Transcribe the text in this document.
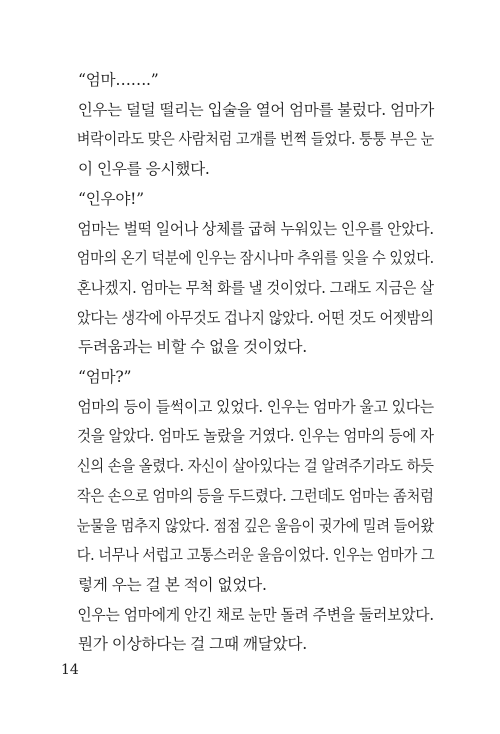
“엄마…….”

인우는 덜덜 떨리는 입술을 열어 엄마를 불렀다. 엄마가
벼락이라도 맞은 사람처럼 고개를 번쩍 들었다. 퉁퉁 부은 눈
이 인우를 응시했다.

“인우야!”

엄마는 벌떡 일어나 상체를 굽혀 누워있는 인우를 안았다.
엄마의 온기 덕분에 인우는 잠시나마 추위를 잊을 수 있었다.
혼나겠지. 엄마는 무척 화를 낼 것이었다. 그래도 지금은 살
았다는 생각에 아무것도 겁나지 않았다. 어떤 것도 어젯밤의
두려움과는 비할 수 없을 것이었다.

“엄마?”

엄마의 등이 들썩이고 있었다. 인우는 엄마가 울고 있다는
것을 알았다. 엄마도 놀랐을 거였다. 인우는 엄마의 등에 자
신의 손을 올렸다. 자신이 살아있다는 걸 알려주기라도 하듯
작은 손으로 엄마의 등을 두드렸다. 그런데도 엄마는 좀처럼
눈물을 멈추지 않았다. 점점 깊은 울음이 귓가에 밀려 들어왔
다. 너무나 서럽고 고통스러운 울음이었다. 인우는 엄마가 그
렇게 우는 걸 본 적이 없었다.

인우는 엄마에게 안긴 채로 눈만 돌려 주변을 둘러보았다.
뭔가 이상하다는 걸 그때 깨달았다.

14
